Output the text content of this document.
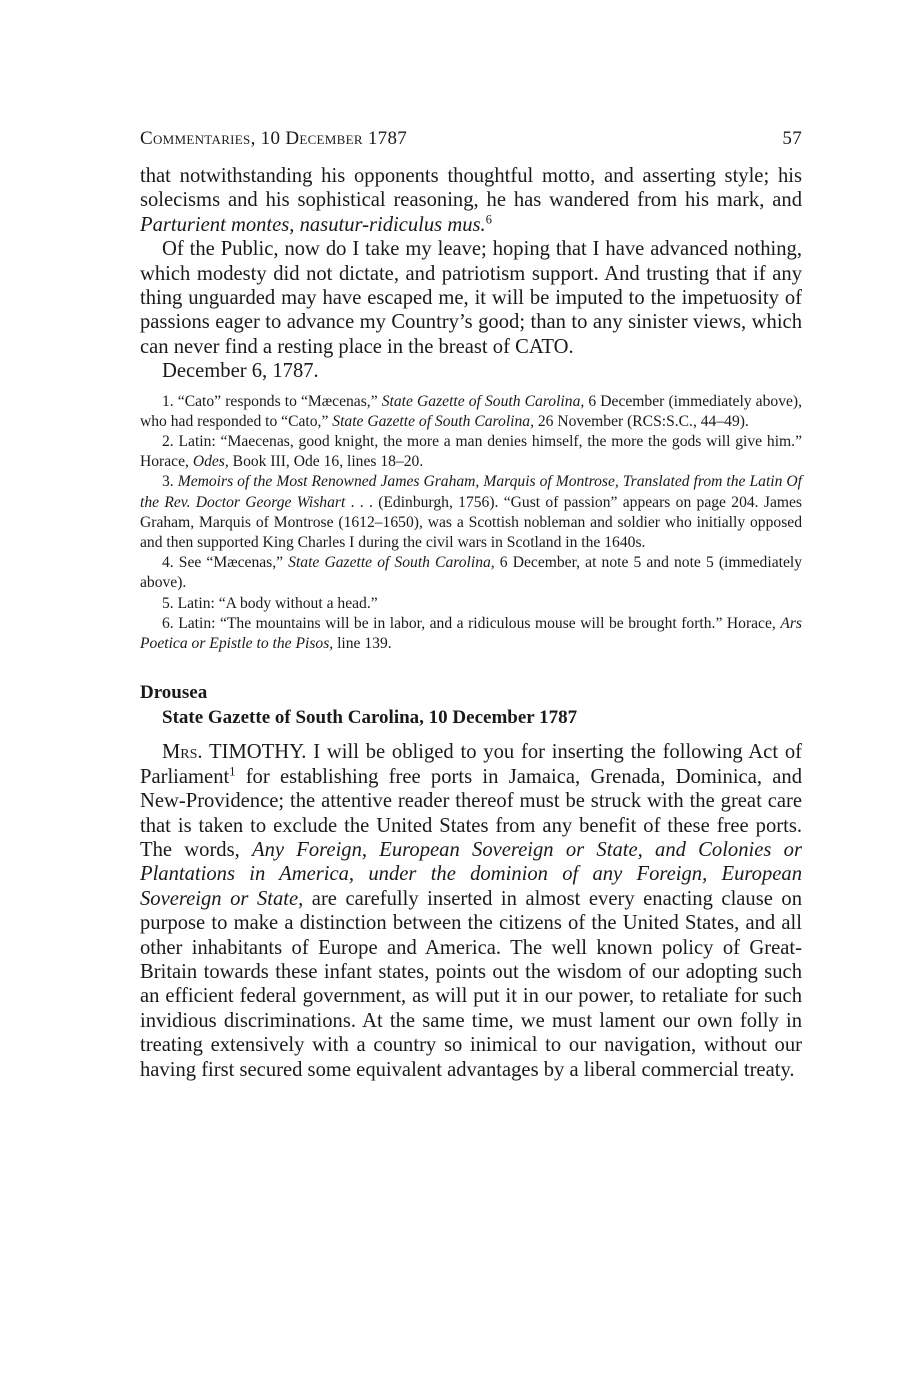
Commentaries, 10 December 1787	57

that notwithstanding his opponents thoughtful motto, and asserting style; his solecisms and his sophistical reasoning, he has wandered from his mark, and Parturient montes, nasutur-ridiculus mus.$^6$

Of the Public, now do I take my leave; hoping that I have advanced nothing, which modesty did not dictate, and patriotism support. And trusting that if any thing unguarded may have escaped me, it will be imputed to the impetuosity of passions eager to advance my Country’s good; than to any sinister views, which can never find a resting place in the breast of CATO.

December 6, 1787.

1. “Cato” responds to “Mæcenas,” State Gazette of South Carolina, 6 December (immediately above), who had responded to “Cato,” State Gazette of South Carolina, 26 November (RCS:S.C., 44–49).

2. Latin: “Maecenas, good knight, the more a man denies himself, the more the gods will give him.” Horace, Odes, Book III, Ode 16, lines 18–20.

3. Memoirs of the Most Renowned James Graham, Marquis of Montrose, Translated from the Latin Of the Rev. Doctor George Wishart . . . (Edinburgh, 1756). “Gust of passion” appears on page 204. James Graham, Marquis of Montrose (1612–1650), was a Scottish nobleman and soldier who initially opposed and then supported King Charles I during the civil wars in Scotland in the 1640s.

4. See “Mæcenas,” State Gazette of South Carolina, 6 December, at note 5 and note 5 (immediately above).

5. Latin: “A body without a head.”

6. Latin: “The mountains will be in labor, and a ridiculous mouse will be brought forth.” Horace, Ars Poetica or Epistle to the Pisos, line 139.

Drousea
State Gazette of South Carolina, 10 December 1787

Mrs. TIMOTHY. I will be obliged to you for inserting the following Act of Parliament$^1$ for establishing free ports in Jamaica, Grenada, Dominica, and New-Providence; the attentive reader thereof must be struck with the great care that is taken to exclude the United States from any benefit of these free ports. The words, Any Foreign, European Sovereign or State, and Colonies or Plantations in America, under the dominion of any Foreign, European Sovereign or State, are carefully inserted in almost every enacting clause on purpose to make a distinction between the citizens of the United States, and all other inhabitants of Europe and America. The well known policy of Great-Britain towards these infant states, points out the wisdom of our adopting such an efficient federal government, as will put it in our power, to retaliate for such invidious discriminations. At the same time, we must lament our own folly in treating extensively with a country so inimical to our navigation, without our having first secured some equivalent advantages by a liberal commercial treaty.
